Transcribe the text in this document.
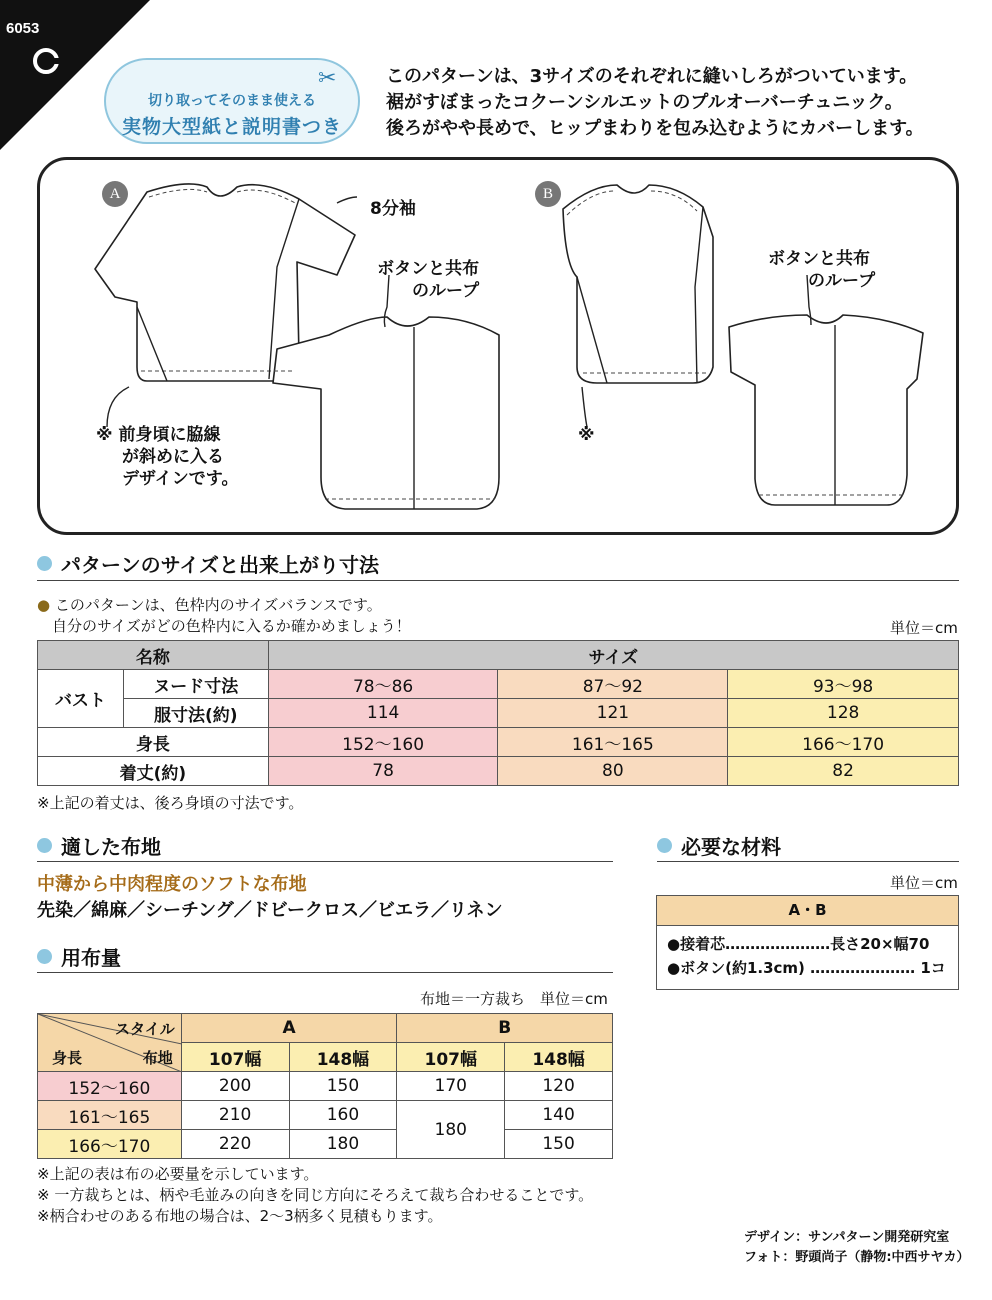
6053
切り取ってそのまま使える
実物大型紙と説明書つき
✂	このパターンは、3サイズのそれぞれに縫いしろがついています。
裾がすぼまったコクーンシルエットのプルオーバーチュニック。
後ろがやや長めで、ヒップまわりを包み込むようにカバーします。
A	B
8分袖
ボタンと共布
のループ
ボタンと共布
のループ
※ 前身頃に脇線
が斜めに入る
デザインです。
※
パターンのサイズと出来上がり寸法
● このパターンは、色枠内のサイズバランスです。
自分のサイズがどの色枠内に入るか確かめましょう！	単位＝cm
名称		サイズ		
バスト	ヌード寸法	78〜86	87〜92	93〜98
	服寸法(約)	114	121	128
身長		152〜160	161〜165	166〜170
着丈(約)		78	80	82
※上記の着丈は、後ろ身頃の寸法です。
適した布地
中薄から中肉程度のソフトな布地
先染／綿麻／シーチング／ドビークロス／ビエラ／リネン
必要な材料
単位＝cm
A・B
●接着芯…………………長さ20×幅70
●ボタン(約1.3cm) ………………… 1コ
用布量
布地＝一方裁ち　単位＝cm
スタイル
布地
身長	A		B	
	107幅	148幅	107幅	148幅
152〜160	200	150	170	120
161〜165	210	160	180	140
166〜170	220	180		150
※上記の表は布の必要量を示しています。
※ 一方裁ちとは、柄や毛並みの向きを同じ方向にそろえて裁ち合わせることです。
※柄合わせのある布地の場合は、2〜3柄多く見積もります。
デザイン：サンパターン開発研究室
フォト：野頭尚子（静物:中西サヤカ）
